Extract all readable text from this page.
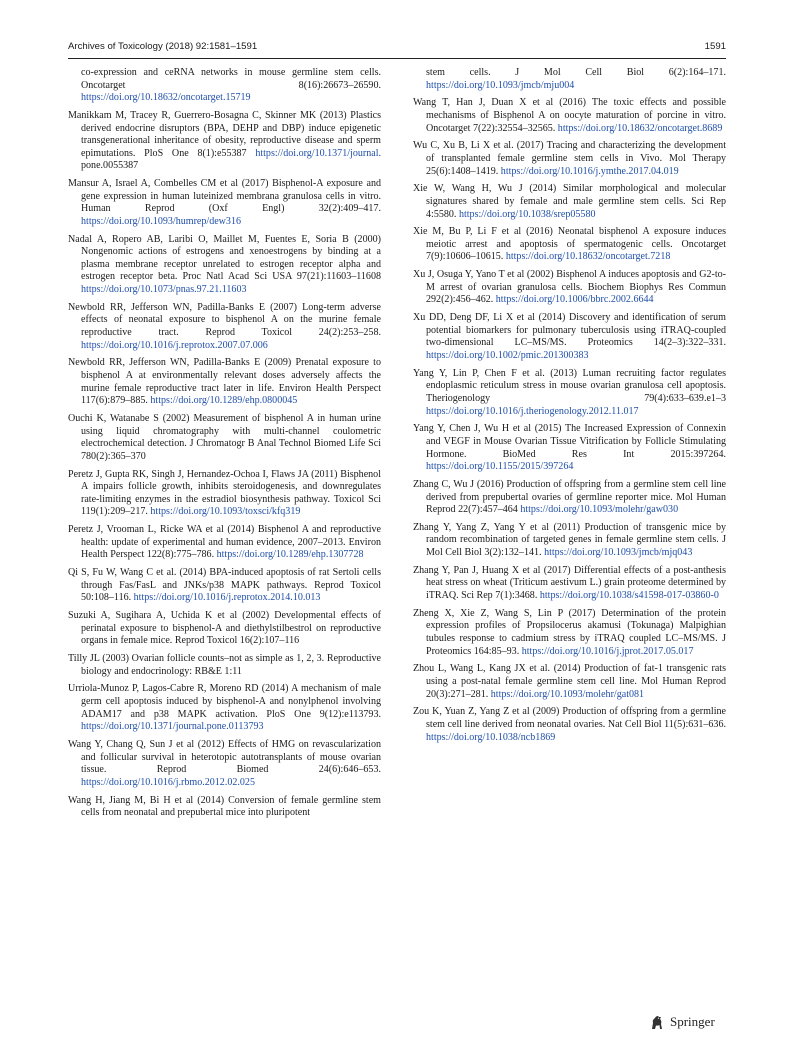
Archives of Toxicology (2018) 92:1581–1591	1591

co-expression and ceRNA networks in mouse germline stem cells. Oncotarget 8(16):26673–26590. https://doi.org/10.18632/oncotarget.15719

Manikkam M, Tracey R, Guerrero-Bosagna C, Skinner MK (2013) Plastics derived endocrine disruptors (BPA, DEHP and DBP) induce epigenetic transgenerational inheritance of obesity, reproductive disease and sperm epimutations. PloS One 8(1):e55387 https://doi.org/10.1371/journal. pone.0055387

Mansur A, Israel A, Combelles CM et al (2017) Bisphenol-A exposure and gene expression in human luteinized membrana granulosa cells in vitro. Human Reprod (Oxf Engl) 32(2):409–417. https://doi.org/10.1093/humrep/dew316

Nadal A, Ropero AB, Laribi O, Maillet M, Fuentes E, Soria B (2000) Nongenomic actions of estrogens and xenoestrogens by binding at a plasma membrane receptor unrelated to estrogen receptor alpha and estrogen receptor beta. Proc Natl Acad Sci USA 97(21):11603–11608 https://doi.org/10.1073/pnas.97.21.11603

Newbold RR, Jefferson WN, Padilla-Banks E (2007) Long-term adverse effects of neonatal exposure to bisphenol A on the murine female reproductive tract. Reprod Toxicol 24(2):253–258. https://doi.org/10.1016/j.reprotox.2007.07.006

Newbold RR, Jefferson WN, Padilla-Banks E (2009) Prenatal exposure to bisphenol A at environmentally relevant doses adversely affects the murine female reproductive tract later in life. Environ Health Perspect 117(6):879–885. https://doi.org/10.1289/ehp.0800045

Ouchi K, Watanabe S (2002) Measurement of bisphenol A in human urine using liquid chromatography with multi-channel coulometric electrochemical detection. J Chromatogr B Anal Technol Biomed Life Sci 780(2):365–370

Peretz J, Gupta RK, Singh J, Hernandez-Ochoa I, Flaws JA (2011) Bisphenol A impairs follicle growth, inhibits steroidogenesis, and downregulates rate-limiting enzymes in the estradiol biosynthesis pathway. Toxicol Sci 119(1):209–217. https://doi.org/10.1093/toxsci/kfq319

Peretz J, Vrooman L, Ricke WA et al (2014) Bisphenol A and reproductive health: update of experimental and human evidence, 2007–2013. Environ Health Perspect 122(8):775–786. https://doi.org/10.1289/ehp.1307728

Qi S, Fu W, Wang C et al. (2014) BPA-induced apoptosis of rat Sertoli cells through Fas/FasL and JNKs/p38 MAPK pathways. Reprod Toxicol 50:108–116. https://doi.org/10.1016/j.reprotox.2014.10.013

Suzuki A, Sugihara A, Uchida K et al (2002) Developmental effects of perinatal exposure to bisphenol-A and diethylstilbestrol on reproductive organs in female mice. Reprod Toxicol 16(2):107–116

Tilly JL (2003) Ovarian follicle counts–not as simple as 1, 2, 3. Reproductive biology and endocrinology: RB&E 1:11

Urriola-Munoz P, Lagos-Cabre R, Moreno RD (2014) A mechanism of male germ cell apoptosis induced by bisphenol-A and nonylphenol involving ADAM17 and p38 MAPK activation. PloS One 9(12):e113793. https://doi.org/10.1371/journal.pone.0113793

Wang Y, Chang Q, Sun J et al (2012) Effects of HMG on revascularization and follicular survival in heterotopic autotransplants of mouse ovarian tissue. Reprod Biomed 24(6):646–653. https://doi.org/10.1016/j.rbmo.2012.02.025

Wang H, Jiang M, Bi H et al (2014) Conversion of female germline stem cells from neonatal and prepubertal mice into pluripotent

stem cells. J Mol Cell Biol 6(2):164–171. https://doi.org/10.1093/jmcb/mju004

Wang T, Han J, Duan X et al (2016) The toxic effects and possible mechanisms of Bisphenol A on oocyte maturation of porcine in vitro. Oncotarget 7(22):32554–32565. https://doi.org/10.18632/oncotarget.8689

Wu C, Xu B, Li X et al. (2017) Tracing and characterizing the development of transplanted female germline stem cells in Vivo. Mol Therapy 25(6):1408–1419. https://doi.org/10.1016/j.ymthe.2017.04.019

Xie W, Wang H, Wu J (2014) Similar morphological and molecular signatures shared by female and male germline stem cells. Sci Rep 4:5580. https://doi.org/10.1038/srep05580

Xie M, Bu P, Li F et al (2016) Neonatal bisphenol A exposure induces meiotic arrest and apoptosis of spermatogenic cells. Oncotarget 7(9):10606–10615. https://doi.org/10.18632/oncotarget.7218

Xu J, Osuga Y, Yano T et al (2002) Bisphenol A induces apoptosis and G2-to-M arrest of ovarian granulosa cells. Biochem Biophys Res Commun 292(2):456–462. https://doi.org/10.1006/bbrc.2002.6644

Xu DD, Deng DF, Li X et al (2014) Discovery and identification of serum potential biomarkers for pulmonary tuberculosis using iTRAQ-coupled two-dimensional LC–MS/MS. Proteomics 14(2–3):322–331. https://doi.org/10.1002/pmic.201300383

Yang Y, Lin P, Chen F et al. (2013) Luman recruiting factor regulates endoplasmic reticulum stress in mouse ovarian granulosa cell apoptosis. Theriogenology 79(4):633–639.e1–3 https://doi.org/10.1016/j.theriogenology.2012.11.017

Yang Y, Chen J, Wu H et al (2015) The Increased Expression of Connexin and VEGF in Mouse Ovarian Tissue Vitrification by Follicle Stimulating Hormone. BioMed Res Int 2015:397264. https://doi.org/10.1155/2015/397264

Zhang C, Wu J (2016) Production of offspring from a germline stem cell line derived from prepubertal ovaries of germline reporter mice. Mol Human Reprod 22(7):457–464 https://doi.org/10.1093/molehr/gaw030

Zhang Y, Yang Z, Yang Y et al (2011) Production of transgenic mice by random recombination of targeted genes in female germline stem cells. J Mol Cell Biol 3(2):132–141. https://doi.org/10.1093/jmcb/mjq043

Zhang Y, Pan J, Huang X et al (2017) Differential effects of a post-anthesis heat stress on wheat (Triticum aestivum L.) grain proteome determined by iTRAQ. Sci Rep 7(1):3468. https://doi.org/10.1038/s41598-017-03860-0

Zheng X, Xie Z, Wang S, Lin P (2017) Determination of the protein expression profiles of Propsilocerus akamusi (Tokunaga) Malpighian tubules response to cadmium stress by iTRAQ coupled LC–MS/MS. J Proteomics 164:85–93. https://doi.org/10.1016/j.jprot.2017.05.017

Zhou L, Wang L, Kang JX et al. (2014) Production of fat-1 transgenic rats using a post-natal female germline stem cell line. Mol Human Reprod 20(3):271–281. https://doi.org/10.1093/molehr/gat081

Zou K, Yuan Z, Yang Z et al (2009) Production of offspring from a germline stem cell line derived from neonatal ovaries. Nat Cell Biol 11(5):631–636. https://doi.org/10.1038/ncb1869

Springer
